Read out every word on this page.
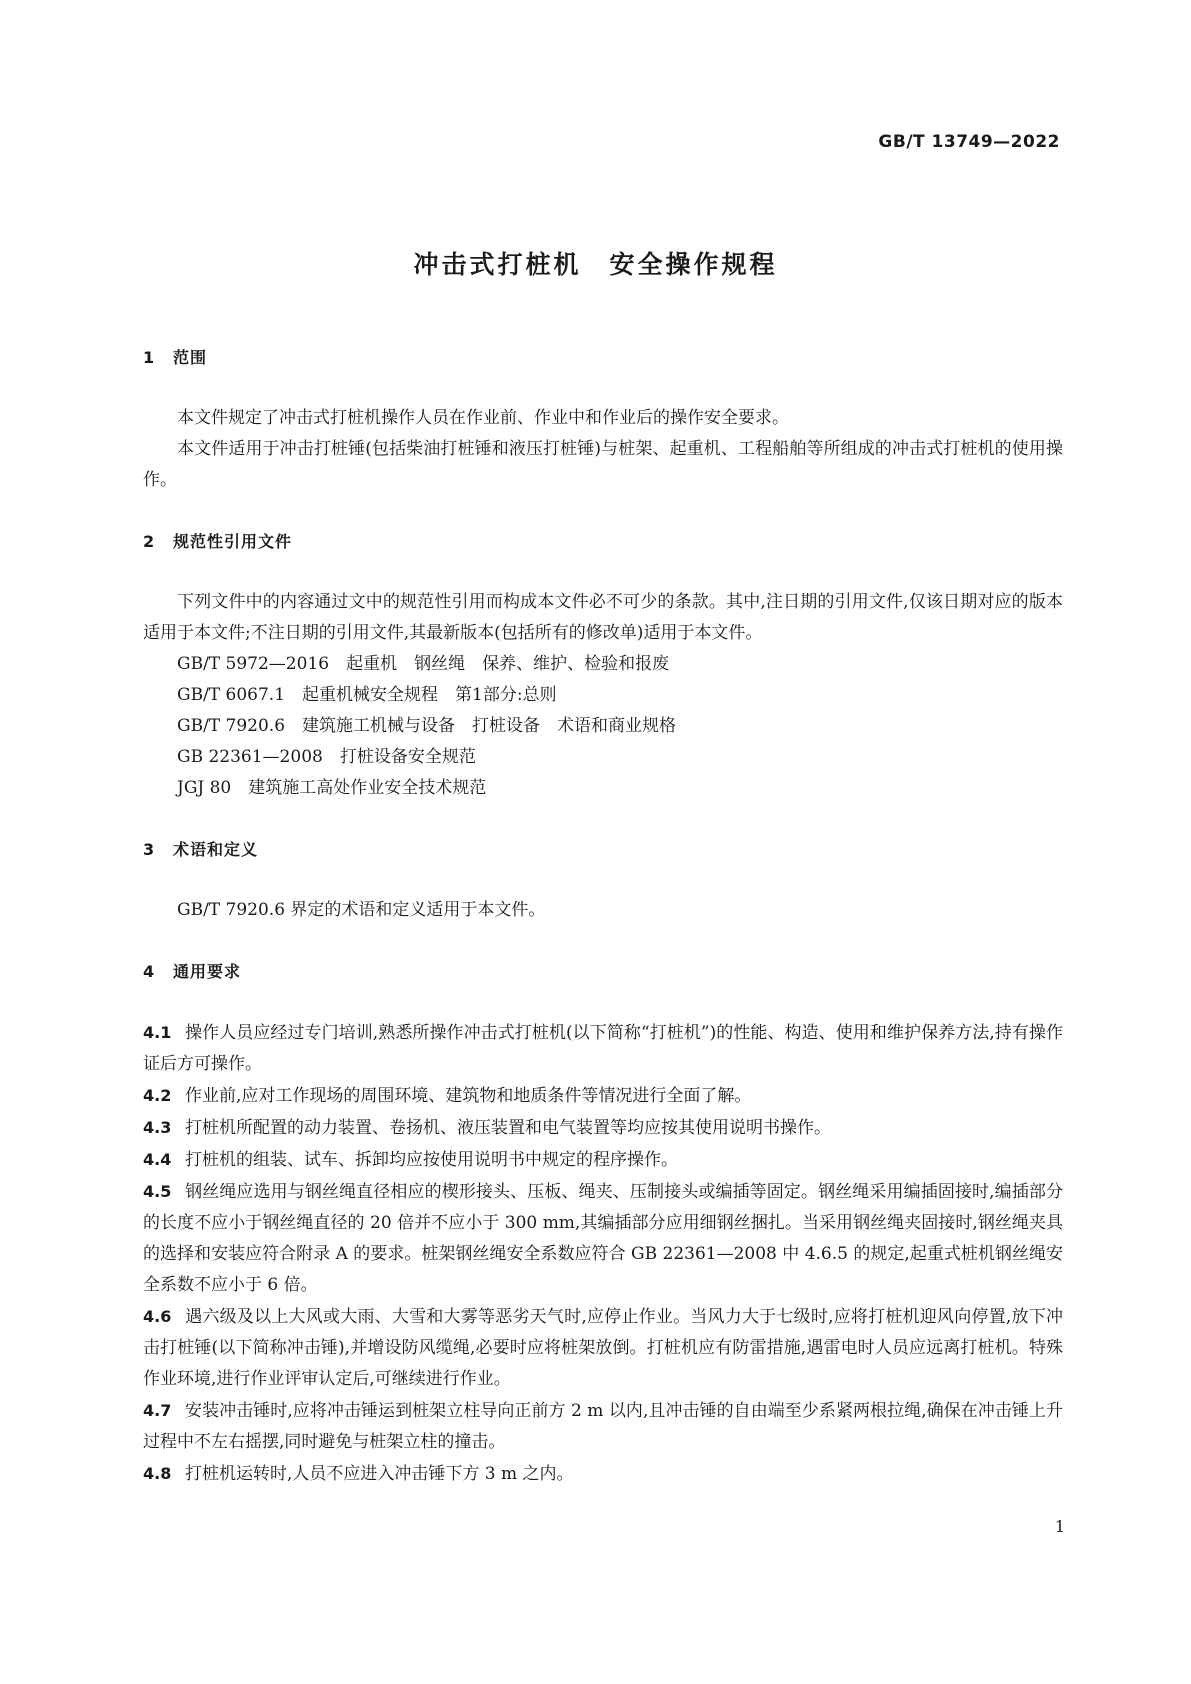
GB/T 13749—2022
冲击式打桩机　安全操作规程
1 范围

本文件规定了冲击式打桩机操作人员在作业前、作业中和作业后的操作安全要求。

本文件适用于冲击打桩锤(包括柴油打桩锤和液压打桩锤)与桩架、起重机、工程船舶等所组成的冲击式打桩机的使用操作。

2 规范性引用文件

下列文件中的内容通过文中的规范性引用而构成本文件必不可少的条款。其中,注日期的引用文件,仅该日期对应的版本适用于本文件;不注日期的引用文件,其最新版本(包括所有的修改单)适用于本文件。

GB/T 5972—2016　起重机　钢丝绳　保养、维护、检验和报废

GB/T 6067.1　起重机械安全规程　第1部分:总则

GB/T 7920.6　建筑施工机械与设备　打桩设备　术语和商业规格

GB 22361—2008　打桩设备安全规范

JGJ 80　建筑施工高处作业安全技术规范

3 术语和定义

GB/T 7920.6 界定的术语和定义适用于本文件。

4 通用要求

4.1 操作人员应经过专门培训,熟悉所操作冲击式打桩机(以下简称“打桩机”)的性能、构造、使用和维护保养方法,持有操作证后方可操作。

4.2 作业前,应对工作现场的周围环境、建筑物和地质条件等情况进行全面了解。

4.3 打桩机所配置的动力装置、卷扬机、液压装置和电气装置等均应按其使用说明书操作。

4.4 打桩机的组装、试车、拆卸均应按使用说明书中规定的程序操作。

4.5 钢丝绳应选用与钢丝绳直径相应的楔形接头、压板、绳夹、压制接头或编插等固定。钢丝绳采用编插固接时,编插部分的长度不应小于钢丝绳直径的 20 倍并不应小于 300 mm,其编插部分应用细钢丝捆扎。当采用钢丝绳夹固接时,钢丝绳夹具的选择和安装应符合附录 A 的要求。桩架钢丝绳安全系数应符合 GB 22361—2008 中 4.6.5 的规定,起重式桩机钢丝绳安全系数不应小于 6 倍。

4.6 遇六级及以上大风或大雨、大雪和大雾等恶劣天气时,应停止作业。当风力大于七级时,应将打桩机迎风向停置,放下冲击打桩锤(以下简称冲击锤),并增设防风缆绳,必要时应将桩架放倒。打桩机应有防雷措施,遇雷电时人员应远离打桩机。特殊作业环境,进行作业评审认定后,可继续进行作业。

4.7 安装冲击锤时,应将冲击锤运到桩架立柱导向正前方 2 m 以内,且冲击锤的自由端至少系紧两根拉绳,确保在冲击锤上升过程中不左右摇摆,同时避免与桩架立柱的撞击。

4.8 打桩机运转时,人员不应进入冲击锤下方 3 m 之内。

1
